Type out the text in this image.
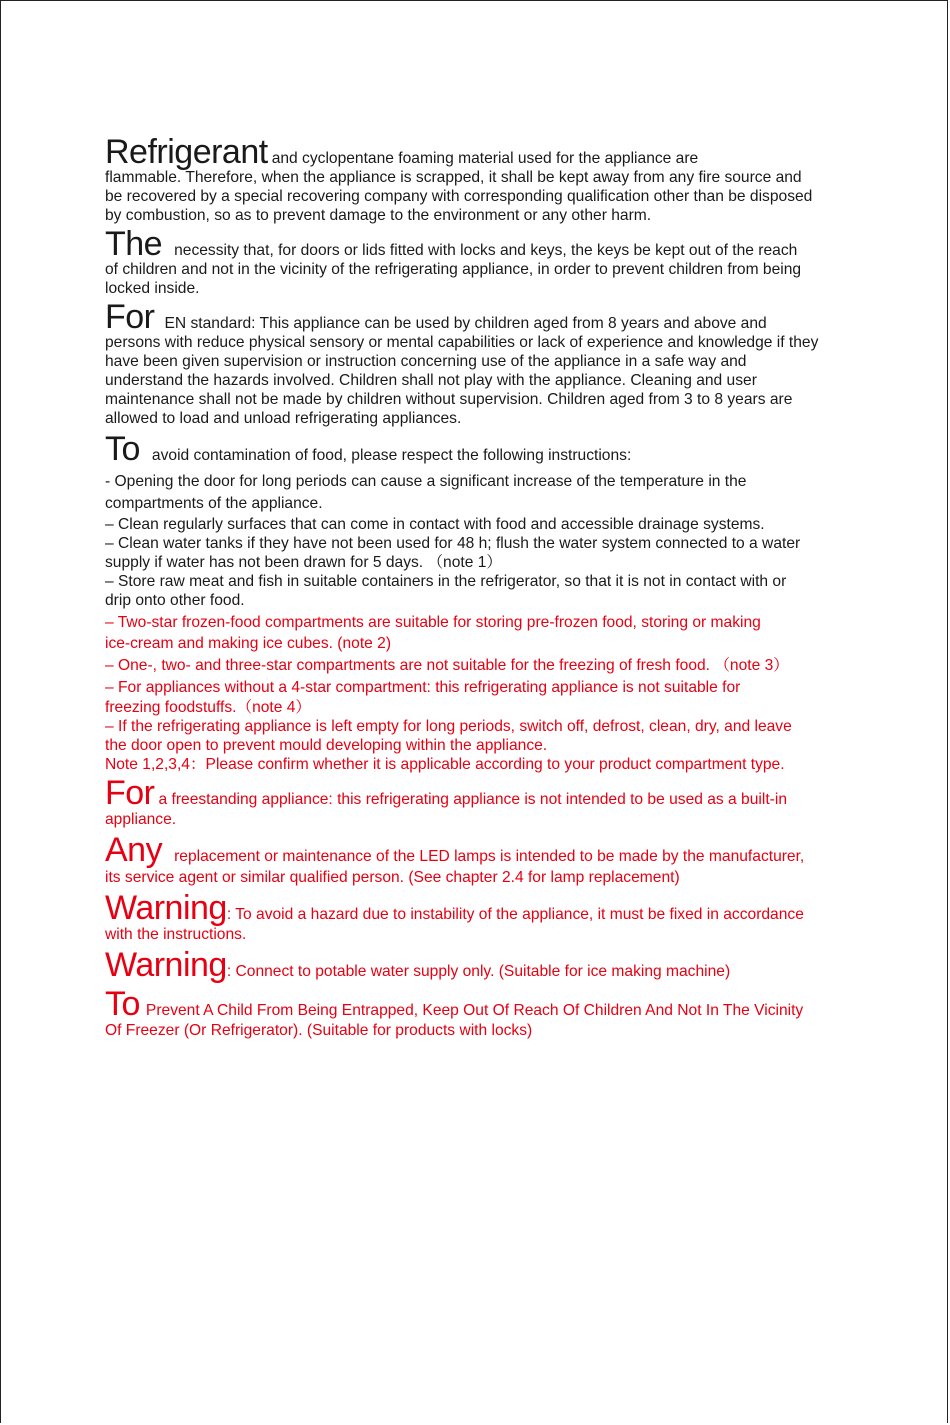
Refrigerant and cyclopentane foaming material used for the appliance are
flammable. Therefore, when the appliance is scrapped, it shall be kept away from any fire source and
be recovered by a special recovering company with corresponding qualification other than be disposed
by combustion, so as to prevent damage to the environment or any other harm.
The necessity that, for doors or lids fitted with locks and keys, the keys be kept out of the reach
of children and not in the vicinity of the refrigerating appliance, in order to prevent children from being
locked inside.
For EN standard: This appliance can be used by children aged from 8 years and above and
persons with reduce physical sensory or mental capabilities or lack of experience and knowledge if they
have been given supervision or instruction concerning use of the appliance in a safe way and
understand the hazards involved. Children shall not play with the appliance. Cleaning and user
maintenance shall not be made by children without supervision. Children aged from 3 to 8 years are
allowed to load and unload refrigerating appliances.
To avoid contamination of food, please respect the following instructions:
- Opening the door for long periods can cause a significant increase of the temperature in the
compartments of the appliance.
– Clean regularly surfaces that can come in contact with food and accessible drainage systems.
– Clean water tanks if they have not been used for 48 h; flush the water system connected to a water
supply if water has not been drawn for 5 days. （note 1）
– Store raw meat and fish in suitable containers in the refrigerator, so that it is not in contact with or
drip onto other food.
– Two-star frozen-food compartments are suitable for storing pre-frozen food, storing or making
ice-cream and making ice cubes. (note 2)
– One-, two- and three-star compartments are not suitable for the freezing of fresh food. （note 3）
– For appliances without a 4-star compartment: this refrigerating appliance is not suitable for
freezing foodstuffs.（note 4）
– If the refrigerating appliance is left empty for long periods, switch off, defrost, clean, dry, and leave
the door open to prevent mould developing within the appliance.
Note 1,2,3,4：Please confirm whether it is applicable according to your product compartment type.
For a freestanding appliance: this refrigerating appliance is not intended to be used as a built-in
appliance.
Any replacement or maintenance of the LED lamps is intended to be made by the manufacturer,
its service agent or similar qualified person. (See chapter 2.4 for lamp replacement)
Warning: To avoid a hazard due to instability of the appliance, it must be fixed in accordance
with the instructions.
Warning: Connect to potable water supply only. (Suitable for ice making machine)
To Prevent A Child From Being Entrapped, Keep Out Of Reach Of Children And Not In The Vicinity
Of Freezer (Or Refrigerator). (Suitable for products with locks)
